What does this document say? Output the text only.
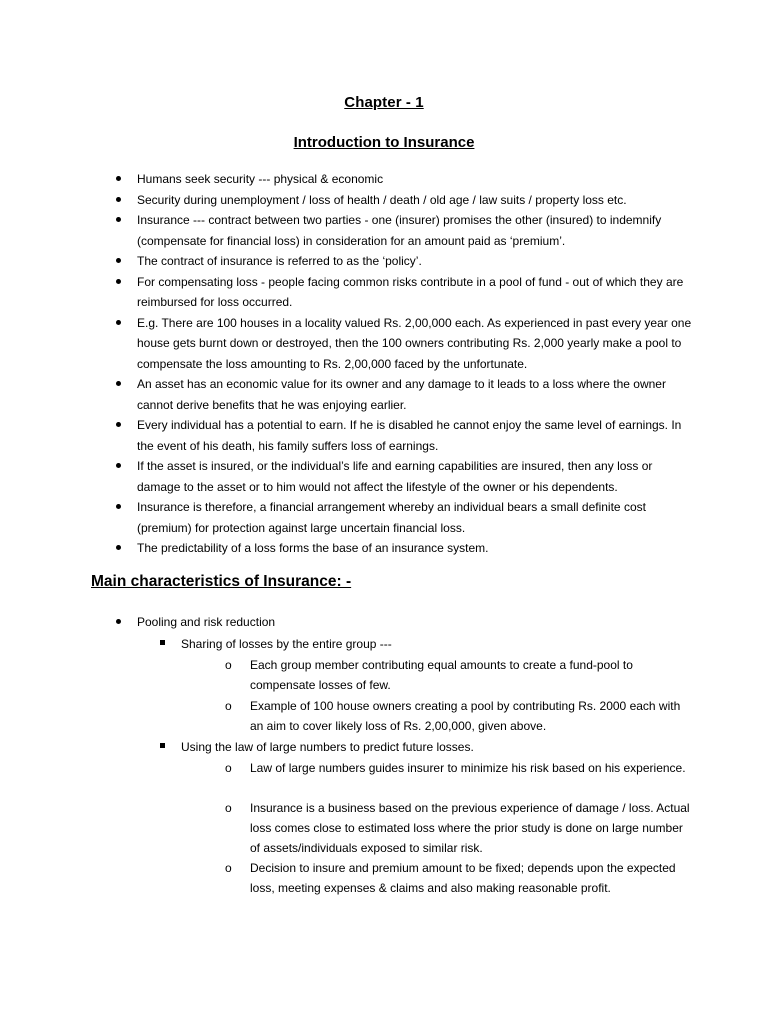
Chapter - 1
Introduction to Insurance
Humans seek security --- physical & economic
Security during unemployment / loss of health / death / old age / law suits / property loss etc.
Insurance --- contract between two parties - one (insurer) promises the other (insured) to indemnify (compensate for financial loss) in consideration for an amount paid as ‘premium’.
The contract of insurance is referred to as the ‘policy’.
For compensating loss - people facing common risks contribute in a pool of fund - out of which they are reimbursed for loss occurred.
E.g. There are 100 houses in a locality valued Rs. 2,00,000 each. As experienced in past every year one house gets burnt down or destroyed, then the 100 owners contributing Rs. 2,000 yearly make a pool to compensate the loss amounting to Rs. 2,00,000 faced by the unfortunate.
An asset has an economic value for its owner and any damage to it leads to a loss where the owner cannot derive benefits that he was enjoying earlier.
Every individual has a potential to earn. If he is disabled he cannot enjoy the same level of earnings. In the event of his death, his family suffers loss of earnings.
If the asset is insured, or the individual’s life and earning capabilities are insured, then any loss or damage to the asset or to him would not affect the lifestyle of the owner or his dependents.
Insurance is therefore, a financial arrangement whereby an individual bears a small definite cost (premium) for protection against large uncertain financial loss.
The predictability of a loss forms the base of an insurance system.
Main characteristics of Insurance: -
Pooling and risk reduction
Sharing of losses by the entire group ---
o Each group member contributing equal amounts to create a fund-pool to compensate losses of few.
o Example of 100 house owners creating a pool by contributing Rs. 2000 each with an aim to cover likely loss of Rs. 2,00,000, given above.
Using the law of large numbers to predict future losses.
o Law of large numbers guides insurer to minimize his risk based on his experience.
o Insurance is a business based on the previous experience of damage / loss. Actual loss comes close to estimated loss where the prior study is done on large number of assets/individuals exposed to similar risk.
o Decision to insure and premium amount to be fixed; depends upon the expected loss, meeting expenses & claims and also making reasonable profit.
